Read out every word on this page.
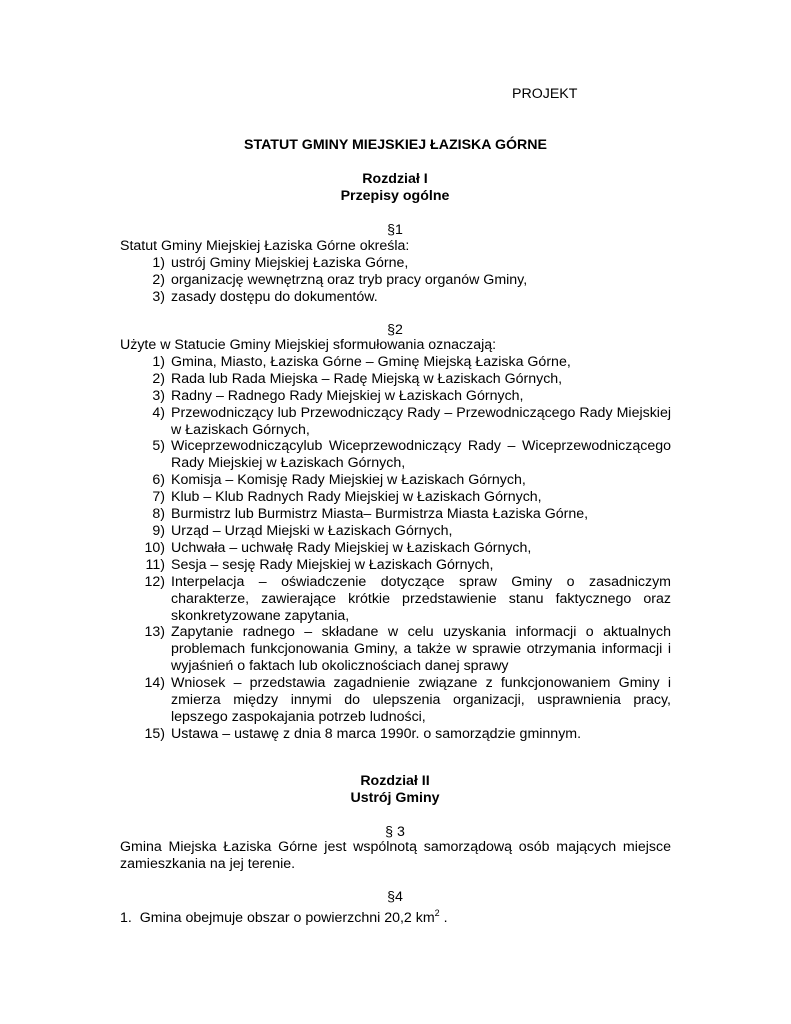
PROJEKT
STATUT GMINY MIEJSKIEJ ŁAZISKA GÓRNE
Rozdział I
Przepisy ogólne
§1
Statut Gminy Miejskiej Łaziska Górne określa:
1) ustrój Gminy Miejskiej Łaziska Górne,
2) organizację wewnętrzną oraz tryb pracy organów Gminy,
3) zasady dostępu do dokumentów.
§2
Użyte w Statucie Gminy Miejskiej sformułowania oznaczają:
1) Gmina, Miasto, Łaziska Górne – Gminę Miejską Łaziska Górne,
2) Rada lub Rada Miejska – Radę Miejską w Łaziskach Górnych,
3) Radny – Radnego Rady Miejskiej w Łaziskach Górnych,
4) Przewodniczący lub Przewodniczący Rady – Przewodniczącego Rady Miejskiej w Łaziskach Górnych,
5) Wiceprzewodniczącylub Wiceprzewodniczący Rady – Wiceprzewodniczącego Rady Miejskiej w Łaziskach Górnych,
6) Komisja – Komisję Rady Miejskiej w Łaziskach Górnych,
7) Klub – Klub Radnych Rady Miejskiej w Łaziskach Górnych,
8) Burmistrz lub Burmistrz Miasta– Burmistrza Miasta Łaziska Górne,
9) Urząd – Urząd Miejski w Łaziskach Górnych,
10) Uchwała – uchwałę Rady Miejskiej w Łaziskach Górnych,
11) Sesja – sesję Rady Miejskiej w Łaziskach Górnych,
12) Interpelacja – oświadczenie dotyczące spraw Gminy o zasadniczym charakterze, zawierające krótkie przedstawienie stanu faktycznego oraz skonkretyzowane zapytania,
13) Zapytanie radnego – składane w celu uzyskania informacji o aktualnych problemach funkcjonowania Gminy, a także w sprawie otrzymania informacji i wyjaśnień o faktach lub okolicznościach danej sprawy
14) Wniosek – przedstawia zagadnienie związane z funkcjonowaniem Gminy i zmierza między innymi do ulepszenia organizacji, usprawnienia pracy, lepszego zaspokajania potrzeb ludności,
15) Ustawa – ustawę z dnia 8 marca 1990r. o samorządzie gminnym.
Rozdział II
Ustrój Gminy
§ 3
Gmina Miejska Łaziska Górne jest wspólnotą samorządową osób mających miejsce zamieszkania na jej terenie.
§4
1. Gmina obejmuje obszar o powierzchni 20,2 $km^2$ .
